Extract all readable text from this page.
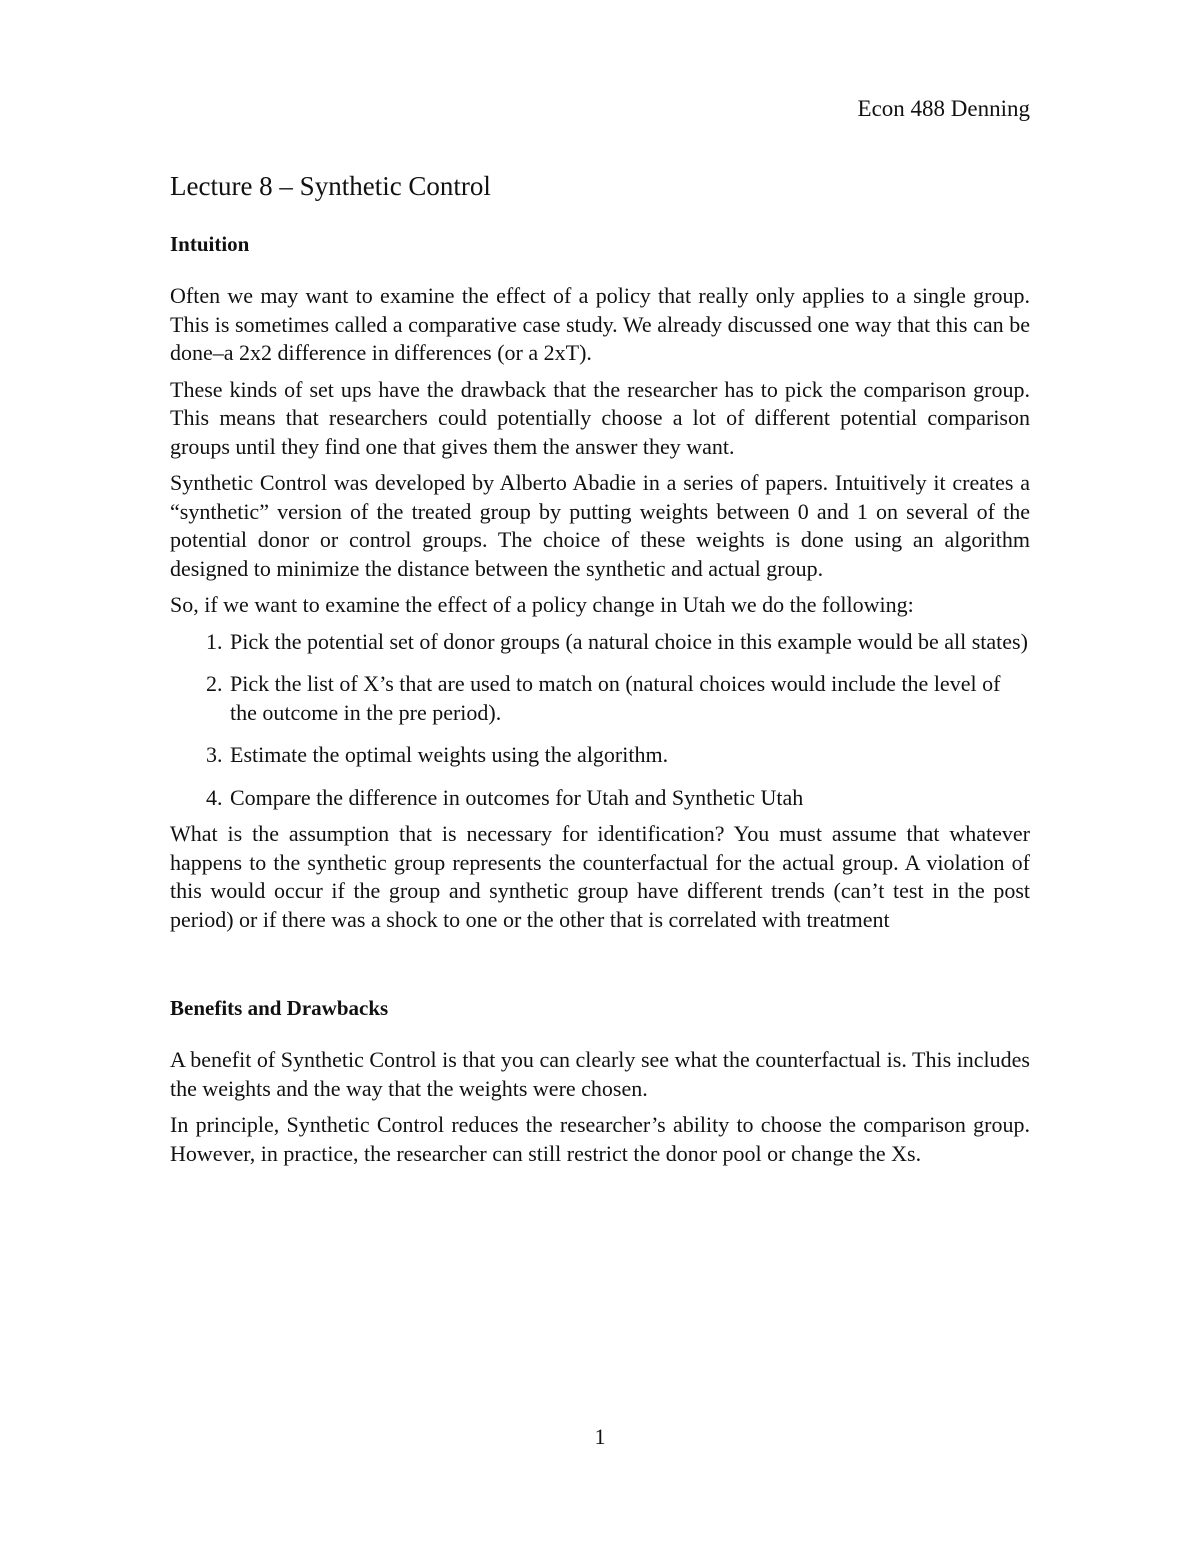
Econ 488 Denning
Lecture 8 – Synthetic Control
Intuition

Often we may want to examine the effect of a policy that really only applies to a single group. This is sometimes called a comparative case study. We already discussed one way that this can be done–a 2x2 difference in differences (or a 2xT).

These kinds of set ups have the drawback that the researcher has to pick the comparison group. This means that researchers could potentially choose a lot of different potential comparison groups until they find one that gives them the answer they want.

Synthetic Control was developed by Alberto Abadie in a series of papers. Intuitively it creates a “synthetic” version of the treated group by putting weights between 0 and 1 on several of the potential donor or control groups. The choice of these weights is done using an algorithm designed to minimize the distance between the synthetic and actual group.

So, if we want to examine the effect of a policy change in Utah we do the following:

1. Pick the potential set of donor groups (a natural choice in this example would be all states)
2. Pick the list of X’s that are used to match on (natural choices would include the level of the outcome in the pre period).
3. Estimate the optimal weights using the algorithm.
4. Compare the difference in outcomes for Utah and Synthetic Utah

What is the assumption that is necessary for identification? You must assume that whatever happens to the synthetic group represents the counterfactual for the actual group. A violation of this would occur if the group and synthetic group have different trends (can’t test in the post period) or if there was a shock to one or the other that is correlated with treatment

Benefits and Drawbacks

A benefit of Synthetic Control is that you can clearly see what the counterfactual is. This includes the weights and the way that the weights were chosen.

In principle, Synthetic Control reduces the researcher’s ability to choose the comparison group. However, in practice, the researcher can still restrict the donor pool or change the Xs.

1
